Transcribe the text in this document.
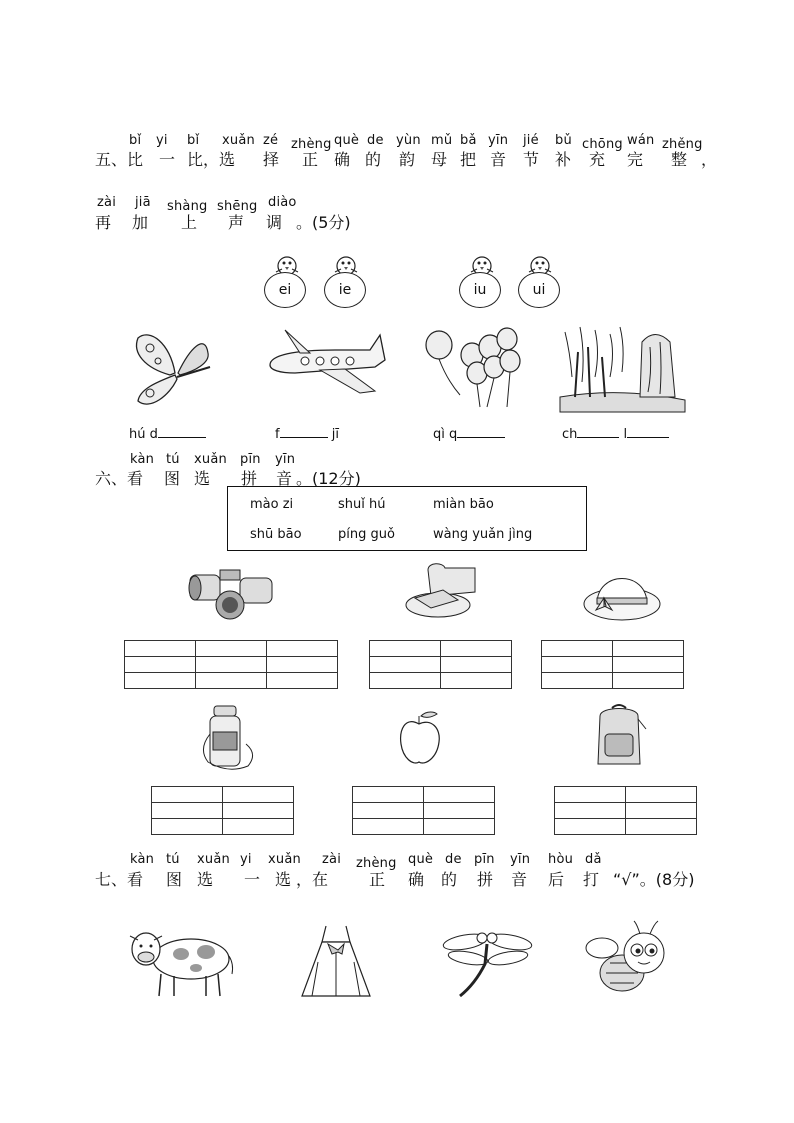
bǐ yi bǐ xuǎn zé zhèng què de yùn mǔ bǎ yīn jié bǔ chōng wán zhěng
五、比 一 比，选 择 正 确 的 韵 母 把 音 节 补 充 完 整 ，
zài jiā shàng shēng diào
再 加 上 声 调 。(5分)
ei	ie	iu	ui
hú d	f	jī	qì q	ch	l
kàn tú xuǎn pīn yīn
六、看 图 选 拼 音 。(12分)
mào zi	shuǐ hú	miàn bāo
shū bāo	píng guǒ	wàng yuǎn jìng

kàn tú xuǎn yi xuǎn zài zhèng què de pīn yīn hòu dǎ
七、看 图 选 一 选 ，在	正 确 的 拼 音 后 打 “√”。(8分)
